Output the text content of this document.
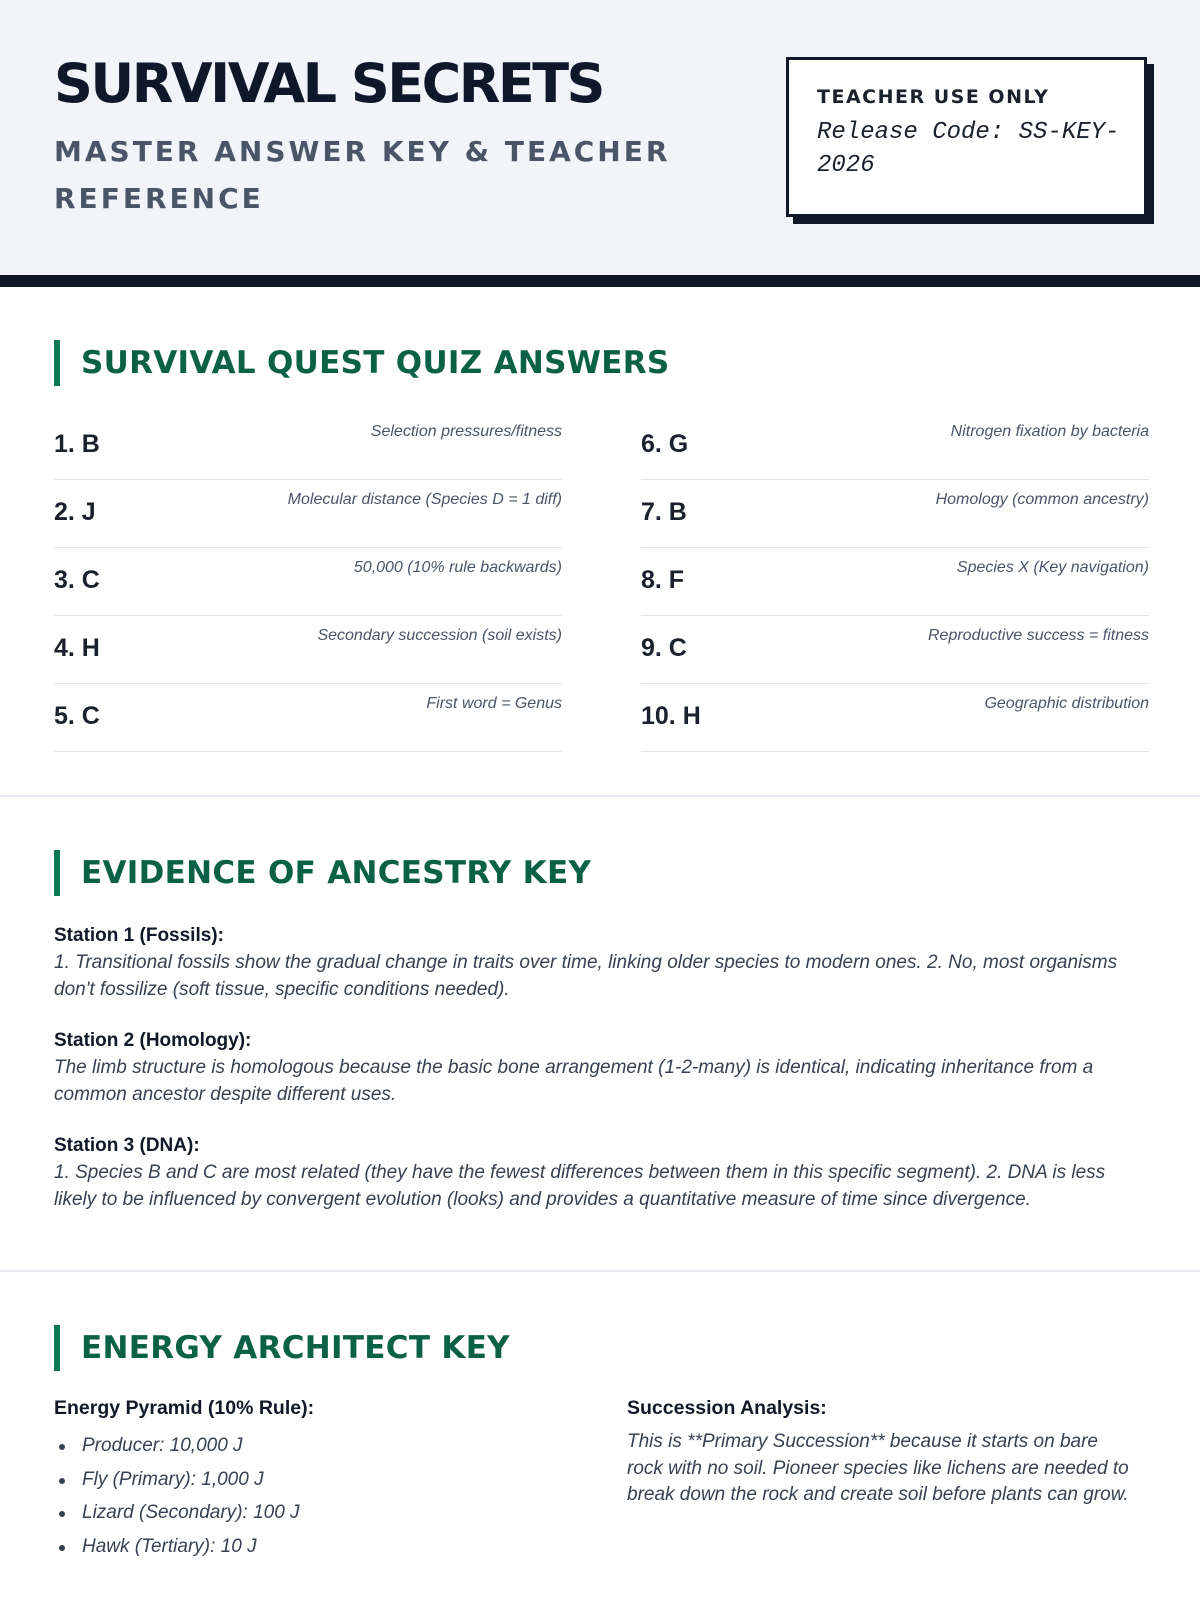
SURVIVAL SECRETS
MASTER ANSWER KEY & TEACHER REFERENCE
TEACHER USE ONLY
Release Code: SS-KEY-2026
SURVIVAL QUEST QUIZ ANSWERS
1. B	Selection pressures/fitness
2. J	Molecular distance (Species D = 1 diff)
3. C	50,000 (10% rule backwards)
4. H	Secondary succession (soil exists)
5. C	First word = Genus
6. G	Nitrogen fixation by bacteria
7. B	Homology (common ancestry)
8. F	Species X (Key navigation)
9. C	Reproductive success = fitness
10. H	Geographic distribution
EVIDENCE OF ANCESTRY KEY
Station 1 (Fossils):
1. Transitional fossils show the gradual change in traits over time, linking older species to modern ones. 2. No, most organisms don't fossilize (soft tissue, specific conditions needed).
Station 2 (Homology):
The limb structure is homologous because the basic bone arrangement (1-2-many) is identical, indicating inheritance from a common ancestor despite different uses.
Station 3 (DNA):
1. Species B and C are most related (they have the fewest differences between them in this specific segment). 2. DNA is less likely to be influenced by convergent evolution (looks) and provides a quantitative measure of time since divergence.
ENERGY ARCHITECT KEY
Energy Pyramid (10% Rule):
Producer: 10,000 J
Fly (Primary): 1,000 J
Lizard (Secondary): 100 J
Hawk (Tertiary): 10 J
Succession Analysis:
This is **Primary Succession** because it starts on bare rock with no soil. Pioneer species like lichens are needed to break down the rock and create soil before plants can grow.
